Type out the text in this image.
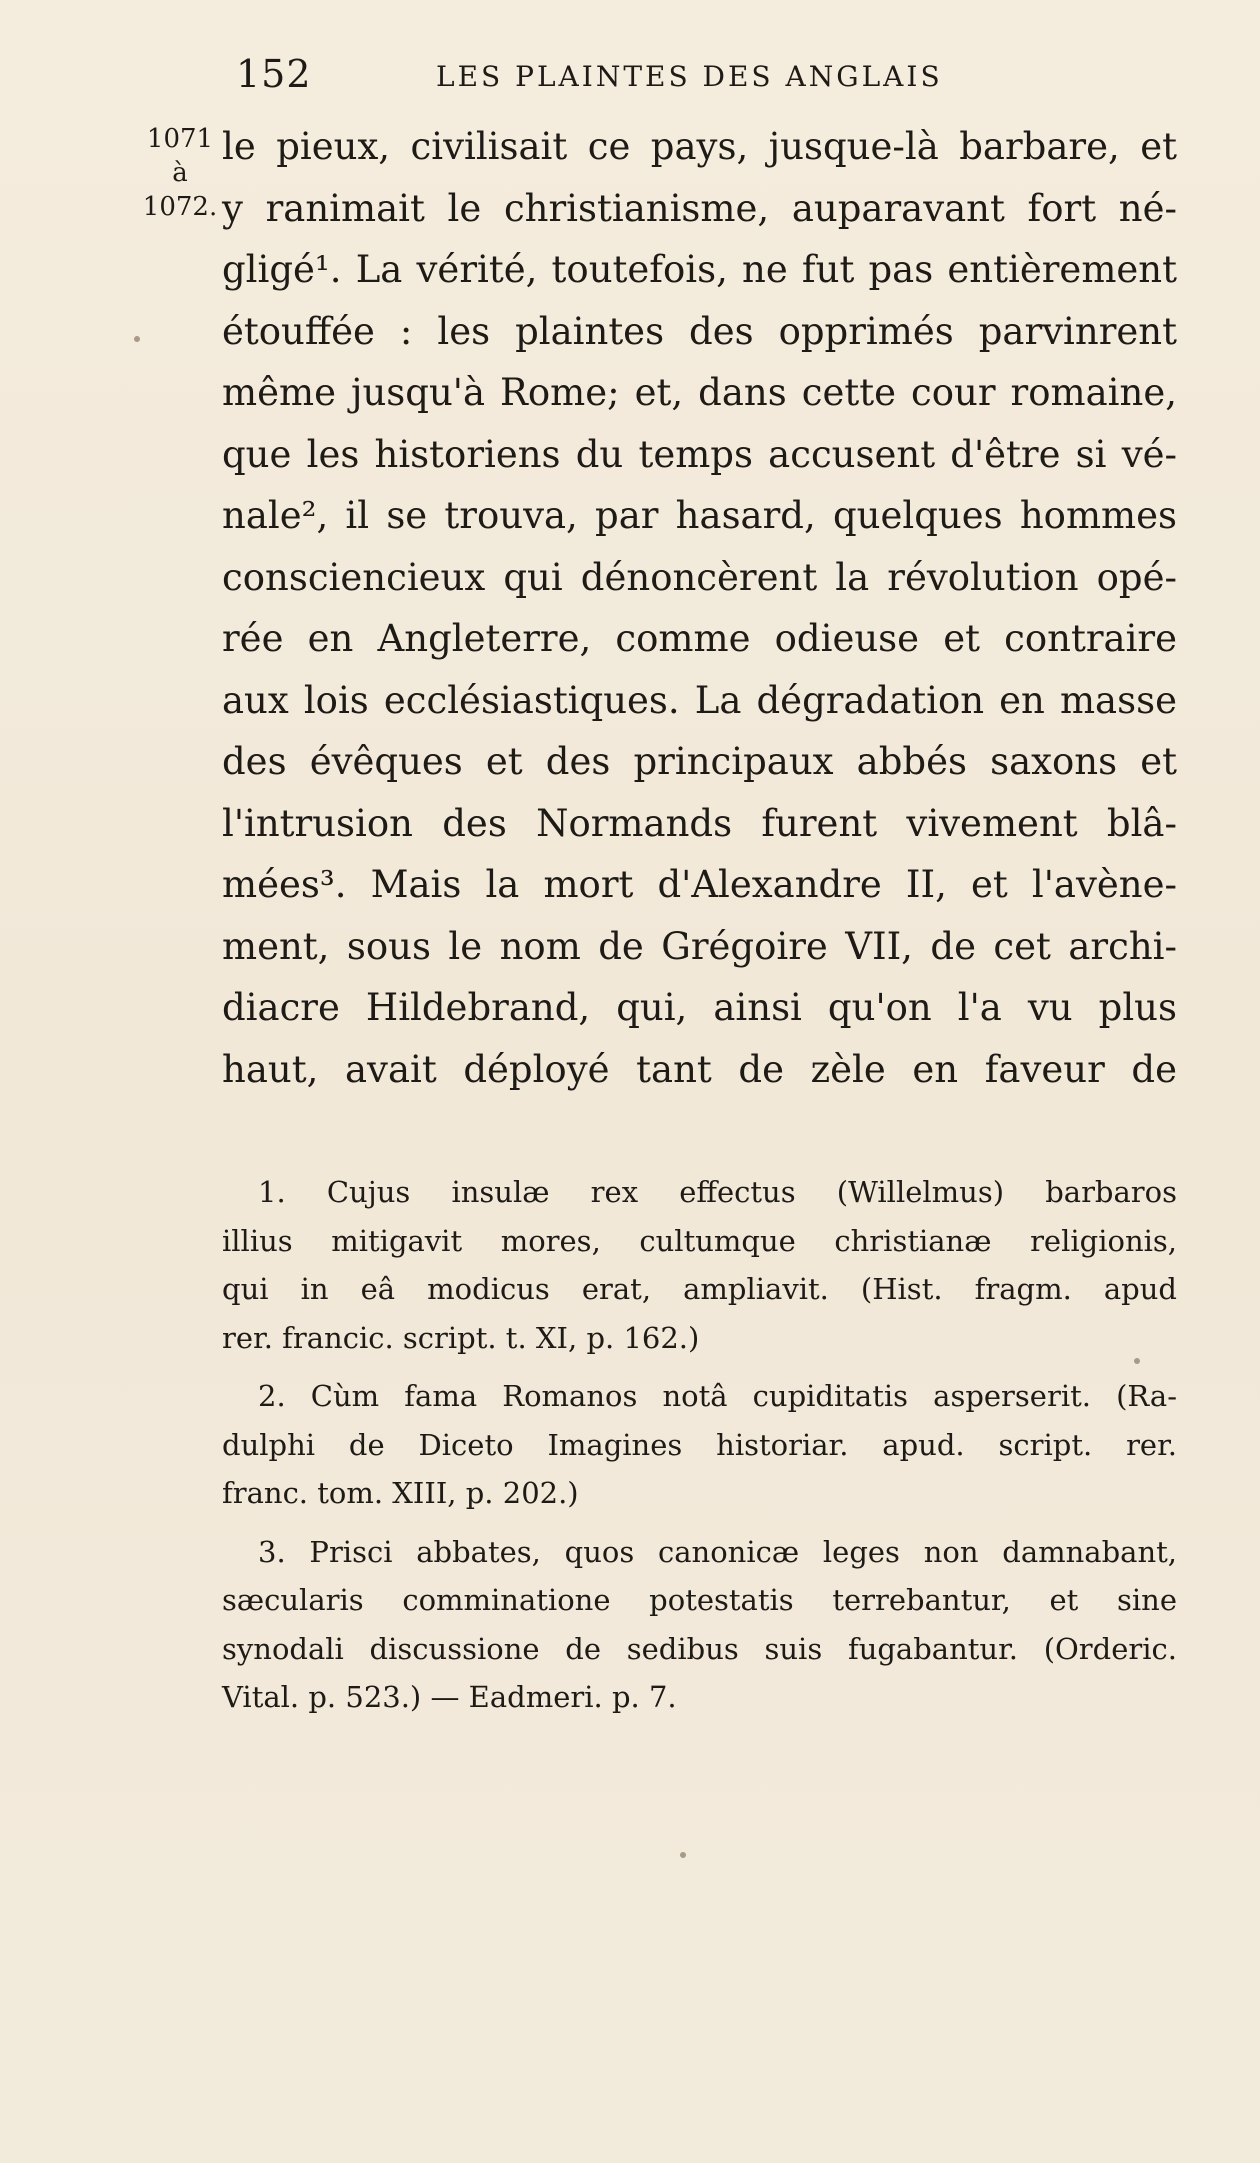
152	LES PLAINTES DES ANGLAIS
1071
à
1072.
le pieux, civilisait ce pays, jusque-là barbare, et
y ranimait le christianisme, auparavant fort né-
gligé¹. La vérité, toutefois, ne fut pas entièrement
étouffée : les plaintes des opprimés parvinrent
même jusqu'à Rome; et, dans cette cour romaine,
que les historiens du temps accusent d'être si vé-
nale², il se trouva, par hasard, quelques hommes
consciencieux qui dénoncèrent la révolution opé-
rée en Angleterre, comme odieuse et contraire
aux lois ecclésiastiques. La dégradation en masse
des évêques et des principaux abbés saxons et
l'intrusion des Normands furent vivement blâ-
mées³. Mais la mort d'Alexandre II, et l'avène-
ment, sous le nom de Grégoire VII, de cet archi-
diacre Hildebrand, qui, ainsi qu'on l'a vu plus
haut, avait déployé tant de zèle en faveur de
1. Cujus insulæ rex effectus (Willelmus) barbaros
illius mitigavit mores, cultumque christianæ religionis,
qui in eâ modicus erat, ampliavit. (Hist. fragm. apud
rer. francic. script. t. XI, p. 162.)
2. Cùm fama Romanos notâ cupiditatis asperserit. (Ra-
dulphi de Diceto Imagines historiar. apud. script. rer.
franc. tom. XIII, p. 202.)
3. Prisci abbates, quos canonicæ leges non damnabant,
sæcularis comminatione potestatis terrebantur, et sine
synodali discussione de sedibus suis fugabantur. (Orderic.
Vital. p. 523.) — Eadmeri. p. 7.
